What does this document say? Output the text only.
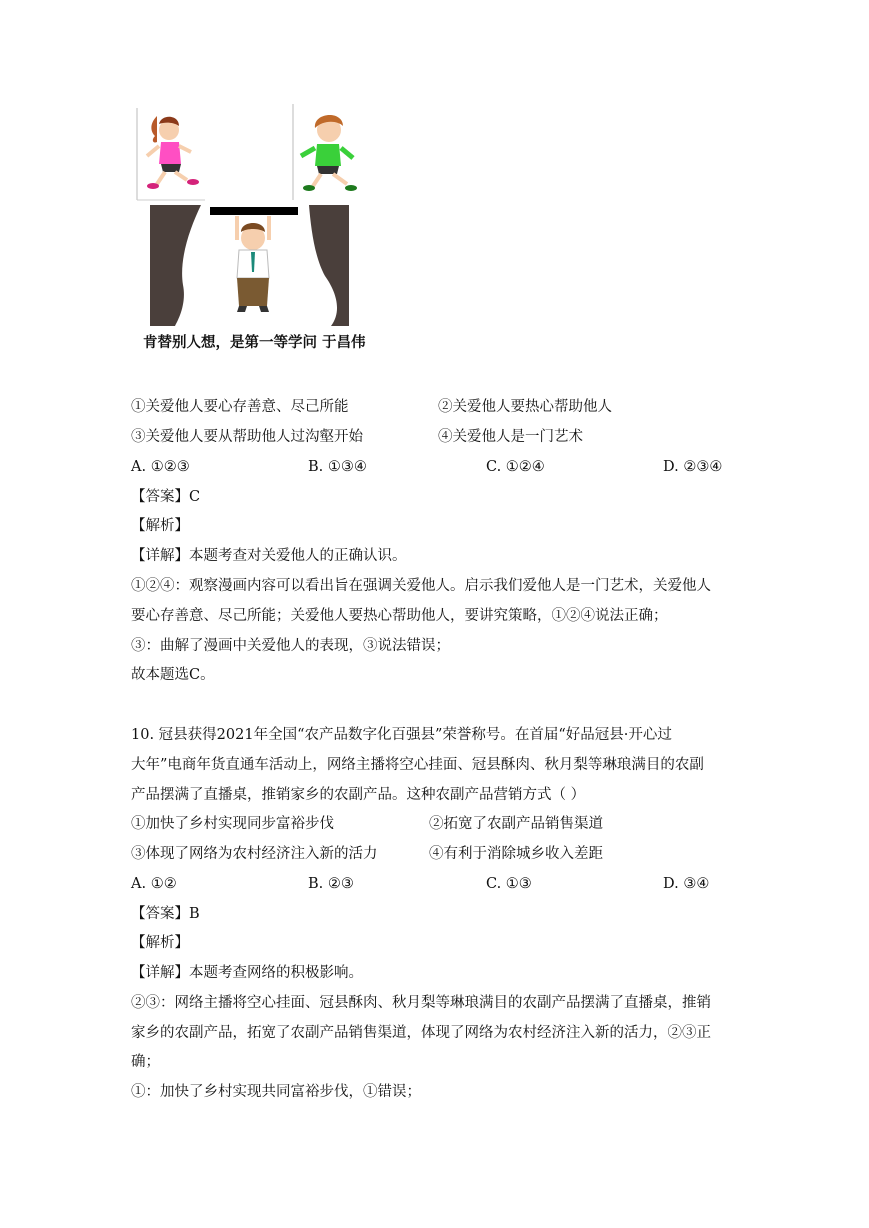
肯替别人想，是第一等学问 于昌伟
①关爱他人要心存善意、尽己所能	②关爱他人要热心帮助他人
③关爱他人要从帮助他人过沟壑开始	④关爱他人是一门艺术
A. ①②③	B. ①③④	C. ①②④	D. ②③④
【答案】C
【解析】
【详解】本题考查对关爱他人的正确认识。
①②④：观察漫画内容可以看出旨在强调关爱他人。启示我们爱他人是一门艺术，关爱他人
要心存善意、尽己所能；关爱他人要热心帮助他人，要讲究策略，①②④说法正确；
③：曲解了漫画中关爱他人的表现，③说法错误；
故本题选C。
10. 冠县获得2021年全国“农产品数字化百强县”荣誉称号。在首届“好品冠县·开心过
大年”电商年货直通车活动上，网络主播将空心挂面、冠县酥肉、秋月梨等琳琅满目的农副
产品摆满了直播桌，推销家乡的农副产品。这种农副产品营销方式（ ）
①加快了乡村实现同步富裕步伐	②拓宽了农副产品销售渠道
③体现了网络为农村经济注入新的活力	④有利于消除城乡收入差距
A. ①②	B. ②③	C. ①③	D. ③④
【答案】B
【解析】
【详解】本题考查网络的积极影响。
②③：网络主播将空心挂面、冠县酥肉、秋月梨等琳琅满目的农副产品摆满了直播桌，推销
家乡的农副产品，拓宽了农副产品销售渠道，体现了网络为农村经济注入新的活力，②③正
确；
①：加快了乡村实现共同富裕步伐，①错误；
